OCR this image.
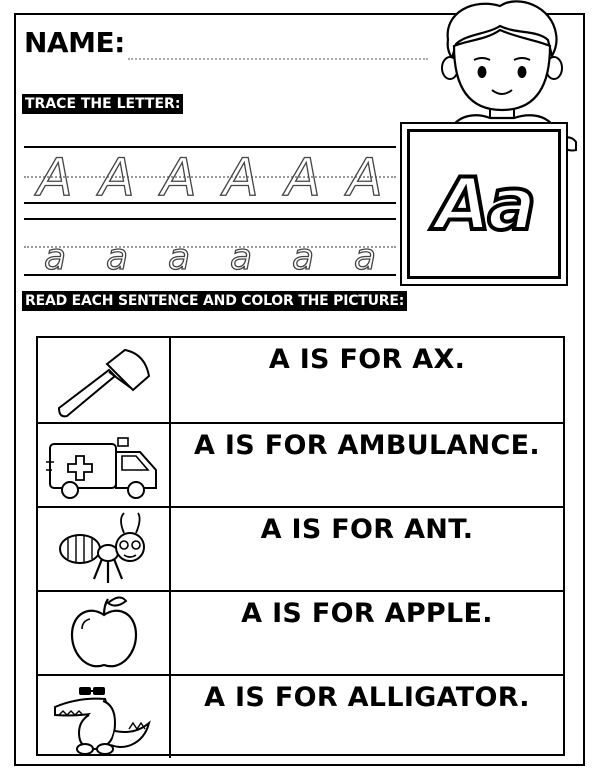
NAME:
Aa
TRACE THE LETTER:
A A A A A A
a	a	a	a	a	a
READ EACH SENTENCE AND COLOR THE PICTURE:
A IS FOR AX.
A IS FOR AMBULANCE.
A IS FOR ANT.
A IS FOR APPLE.
A IS FOR ALLIGATOR.
